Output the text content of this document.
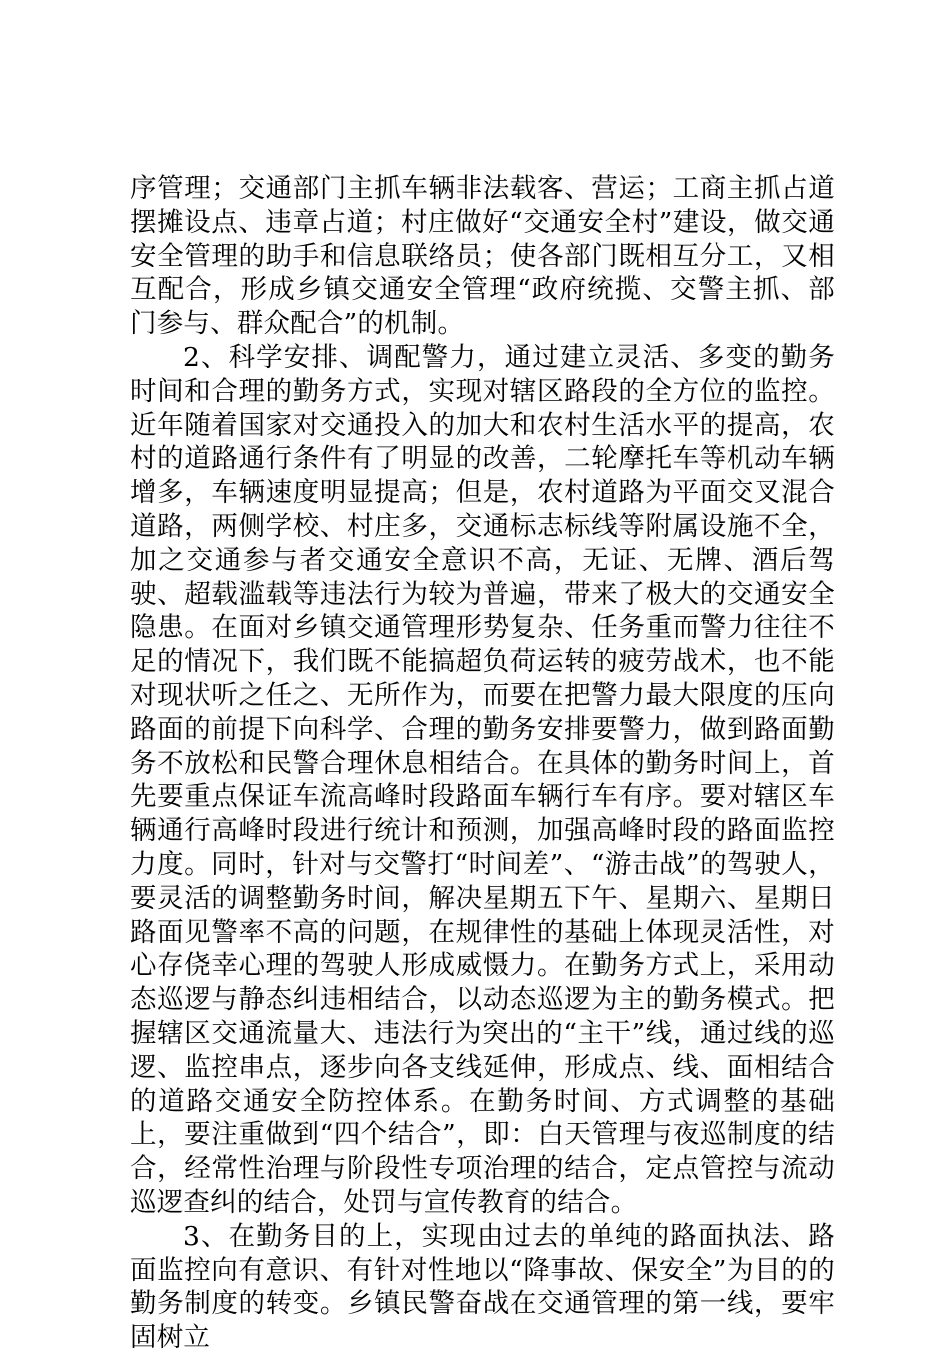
序管理；交通部门主抓车辆非法载客、营运；工商主抓占道摆摊设点、违章占道；村庄做好“交通安全村”建设，做交通安全管理的助手和信息联络员；使各部门既相互分工，又相互配合，形成乡镇交通安全管理“政府统揽、交警主抓、部门参与、群众配合”的机制。

2、科学安排、调配警力，通过建立灵活、多变的勤务时间和合理的勤务方式，实现对辖区路段的全方位的监控。近年随着国家对交通投入的加大和农村生活水平的提高，农村的道路通行条件有了明显的改善，二轮摩托车等机动车辆增多，车辆速度明显提高；但是，农村道路为平面交叉混合道路，两侧学校、村庄多，交通标志标线等附属设施不全，加之交通参与者交通安全意识不高，无证、无牌、酒后驾驶、超载滥载等违法行为较为普遍，带来了极大的交通安全隐患。在面对乡镇交通管理形势复杂、任务重而警力往往不足的情况下，我们既不能搞超负荷运转的疲劳战术，也不能对现状听之任之、无所作为，而要在把警力最大限度的压向路面的前提下向科学、合理的勤务安排要警力，做到路面勤务不放松和民警合理休息相结合。在具体的勤务时间上，首先要重点保证车流高峰时段路面车辆行车有序。要对辖区车辆通行高峰时段进行统计和预测，加强高峰时段的路面监控力度。同时，针对与交警打“时间差”、“游击战”的驾驶人，要灵活的调整勤务时间，解决星期五下午、星期六、星期日路面见警率不高的问题，在规律性的基础上体现灵活性，对心存侥幸心理的驾驶人形成威慑力。在勤务方式上，采用动态巡逻与静态纠违相结合，以动态巡逻为主的勤务模式。把握辖区交通流量大、违法行为突出的“主干”线，通过线的巡逻、监控串点，逐步向各支线延伸，形成点、线、面相结合的道路交通安全防控体系。在勤务时间、方式调整的基础上，要注重做到“四个结合”，即：白天管理与夜巡制度的结合，经常性治理与阶段性专项治理的结合，定点管控与流动巡逻查纠的结合，处罚与宣传教育的结合。

3、在勤务目的上，实现由过去的单纯的路面执法、路面监控向有意识、有针对性地以“降事故、保安全”为目的的勤务制度的转变。乡镇民警奋战在交通管理的第一线，要牢固树立
